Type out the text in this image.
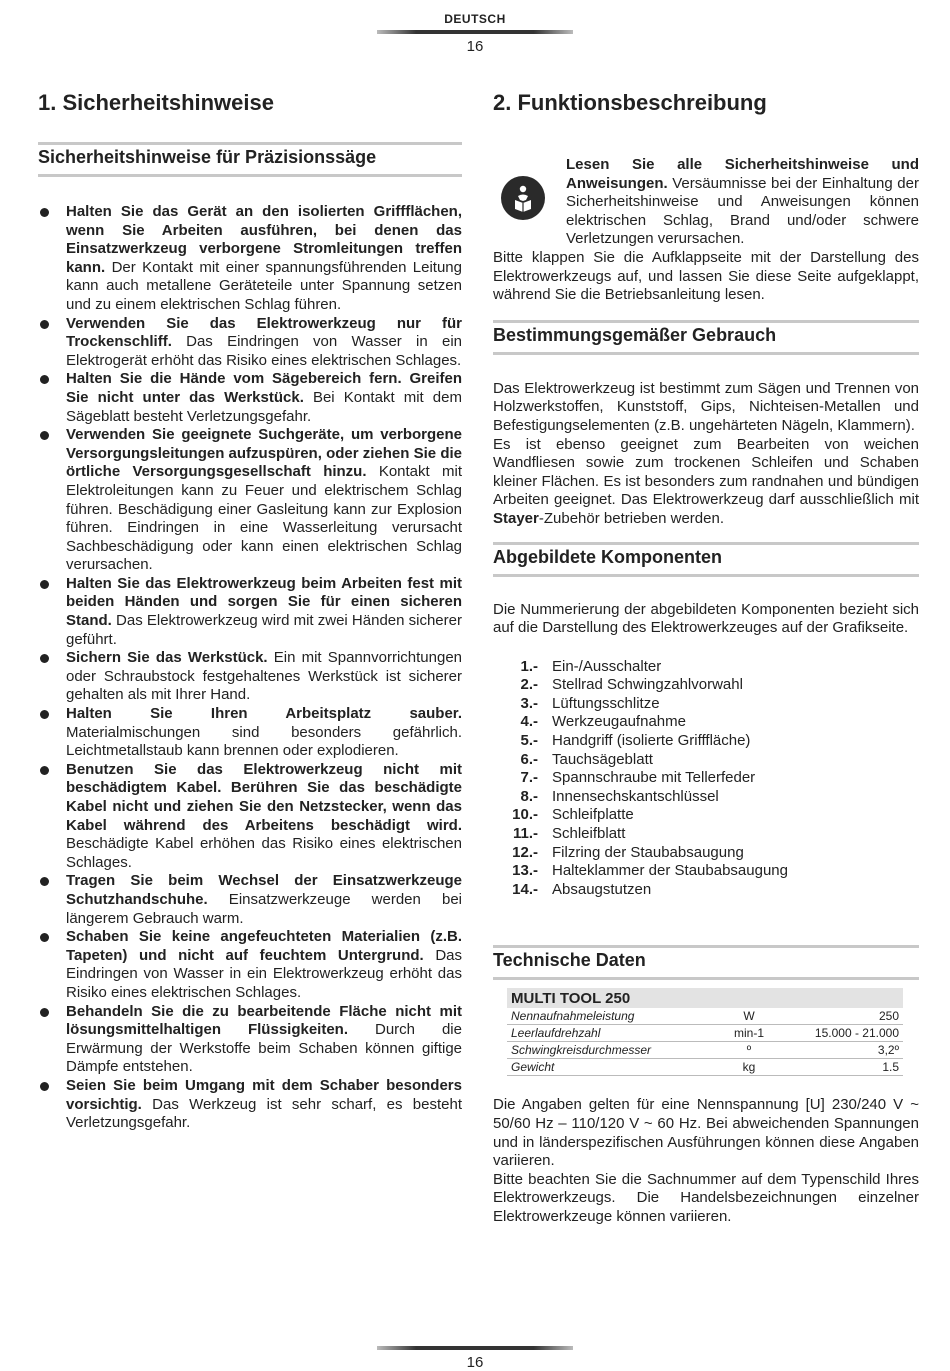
DEUTSCH
16
1. Sicherheitshinweise
Sicherheitshinweise für Präzisionssäge
Halten Sie das Gerät an den isolierten Griffflächen, wenn Sie Arbeiten ausführen, bei denen das Einsatzwerkzeug verborgene Stromleitungen treffen kann. Der Kontakt mit einer spannungsführenden Leitung kann auch metallene Geräteteile unter Spannung setzen und zu einem elektrischen Schlag führen.
Verwenden Sie das Elektrowerkzeug nur für Trockenschliff. Das Eindringen von Wasser in ein Elektrogerät erhöht das Risiko eines elektrischen Schlages.
Halten Sie die Hände vom Sägebereich fern. Greifen Sie nicht unter das Werkstück. Bei Kontakt mit dem Sägeblatt besteht Verletzungsgefahr.
Verwenden Sie geeignete Suchgeräte, um verborgene Versorgungsleitungen aufzuspüren, oder ziehen Sie die örtliche Versorgungsgesellschaft hinzu. Kontakt mit Elektroleitungen kann zu Feuer und elektrischem Schlag führen. Beschädigung einer Gasleitung kann zur Explosion führen. Eindringen in eine Wasserleitung verursacht Sachbeschädigung oder kann einen elektrischen Schlag verursachen.
Halten Sie das Elektrowerkzeug beim Arbeiten fest mit beiden Händen und sorgen Sie für einen sicheren Stand. Das Elektrowerkzeug wird mit zwei Händen sicherer geführt.
Sichern Sie das Werkstück. Ein mit Spannvorrichtungen oder Schraubstock festgehaltenes Werkstück ist sicherer gehalten als mit Ihrer Hand.
Halten Sie Ihren Arbeitsplatz sauber. Materialmischungen sind besonders gefährlich. Leichtmetallstaub kann brennen oder explodieren.
Benutzen Sie das Elektrowerkzeug nicht mit beschädigtem Kabel. Berühren Sie das beschädigte Kabel nicht und ziehen Sie den Netzstecker, wenn das Kabel während des Arbeitens beschädigt wird. Beschädigte Kabel erhöhen das Risiko eines elektrischen Schlages.
Tragen Sie beim Wechsel der Einsatzwerkzeuge Schutzhandschuhe. Einsatzwerkzeuge werden bei längerem Gebrauch warm.
Schaben Sie keine angefeuchteten Materialien (z.B. Tapeten) und nicht auf feuchtem Untergrund. Das Eindringen von Wasser in ein Elektrowerkzeug erhöht das Risiko eines elektrischen Schlages.
Behandeln Sie die zu bearbeitende Fläche nicht mit lösungsmittelhaltigen Flüssigkeiten. Durch die Erwärmung der Werkstoffe beim Schaben können giftige Dämpfe entstehen.
Seien Sie beim Umgang mit dem Schaber besonders vorsichtig. Das Werkzeug ist sehr scharf, es besteht Verletzungsgefahr.
2. Funktionsbeschreibung
Lesen Sie alle Sicherheitshinweise und Anweisungen. Versäumnisse bei der Einhaltung der Sicherheitshinweise und Anweisungen können elektrischen Schlag, Brand und/oder schwere Verletzungen verursachen.
Bitte klappen Sie die Aufklappseite mit der Darstellung des Elektrowerkzeugs auf, und lassen Sie diese Seite aufgeklappt, während Sie die Betriebsanleitung lesen.
Bestimmungsgemäßer Gebrauch
Das Elektrowerkzeug ist bestimmt zum Sägen und Trennen von Holzwerkstoffen, Kunststoff, Gips, Nichteisen-Metallen und Befestigungselementen (z.B. ungehärteten Nägeln, Klammern).
Es ist ebenso geeignet zum Bearbeiten von weichen Wandfliesen sowie zum trockenen Schleifen und Schaben kleiner Flächen. Es ist besonders zum randnahen und bündigen Arbeiten geeignet. Das Elektrowerkzeug darf ausschließlich mit Stayer-Zubehör betrieben werden.
Abgebildete Komponenten
Die Nummerierung der abgebildeten Komponenten bezieht sich auf die Darstellung des Elektrowerkzeuges auf der Grafikseite.
1.- Ein-/Ausschalter
2.- Stellrad Schwingzahlvorwahl
3.- Lüftungsschlitze
4.- Werkzeugaufnahme
5.- Handgriff (isolierte Grifffläche)
6.- Tauchsägeblatt
7.- Spannschraube mit Tellerfeder
8.- Innensechskantschlüssel
10.- Schleifplatte
11.- Schleifblatt
12.- Filzring der Staubabsaugung
13.- Halteklammer der Staubabsaugung
14.- Absaugstutzen
Technische Daten
MULTI TOOL 250		
Nennaufnahmeleistung	W	250
Leerlaufdrehzahl	min-1	15.000 - 21.000
Schwingkreisdurchmesser	º	3,2º
Gewicht	kg	1.5
Die Angaben gelten für eine Nennspannung [U] 230/240 V ~ 50/60 Hz – 110/120 V ~ 60 Hz. Bei abweichenden Spannungen und in länderspezifischen Ausführungen können diese Angaben variieren.
Bitte beachten Sie die Sachnummer auf dem Typenschild Ihres Elektrowerkzeugs. Die Handelsbezeichnungen einzelner Elektrowerkzeuge können variieren.
16
